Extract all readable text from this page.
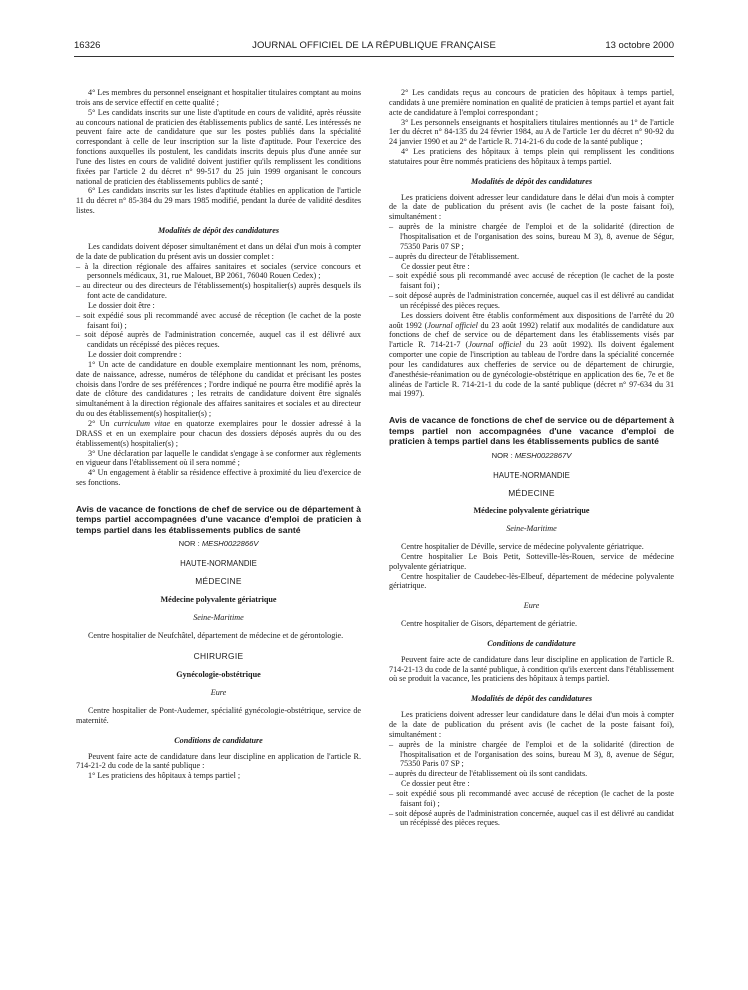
16326	JOURNAL OFFICIEL DE LA RÉPUBLIQUE FRANÇAISE	13 octobre 2000

4° Les membres du personnel enseignant et hospitalier titulaires comptant au moins trois ans de service effectif en cette qualité ;

5° Les candidats inscrits sur une liste d'aptitude en cours de validité, après réussite au concours national de praticien des établissements publics de santé. Les intéressés ne peuvent faire acte de candidature que sur les postes publiés dans la spécialité correspondant à celle de leur inscription sur la liste d'aptitude. Pour l'exercice des fonctions auxquelles ils postulent, les candidats inscrits depuis plus d'une année sur l'une des listes en cours de validité doivent justifier qu'ils remplissent les conditions fixées par l'article 2 du décret n° 99-517 du 25 juin 1999 organisant le concours national de praticien des établissements publics de santé ;

6° Les candidats inscrits sur les listes d'aptitude établies en application de l'article 11 du décret n° 85-384 du 29 mars 1985 modifié, pendant la durée de validité desdites listes.

Modalités de dépôt des candidatures

Les candidats doivent déposer simultanément et dans un délai d'un mois à compter de la date de publication du présent avis un dossier complet :

– à la direction régionale des affaires sanitaires et sociales (service concours et personnels médicaux, 31, rue Malouet, BP 2061, 76040 Rouen Cedex) ;

– au directeur ou des directeurs de l'établissement(s) hospitalier(s) auprès desquels ils font acte de candidature.

Le dossier doit être :

– soit expédié sous pli recommandé avec accusé de réception (le cachet de la poste faisant foi) ;

– soit déposé auprès de l'administration concernée, auquel cas il est délivré aux candidats un récépissé des pièces reçues.

Le dossier doit comprendre :

1° Un acte de candidature en double exemplaire mentionnant les nom, prénoms, date de naissance, adresse, numéros de téléphone du candidat et précisant les postes choisis dans l'ordre de ses préférences ; l'ordre indiqué ne pourra être modifié après la date de clôture des candidatures ; les retraits de candidature doivent être signalés simultanément à la direction régionale des affaires sanitaires et sociales et au directeur du ou des établissement(s) hospitalier(s) ;

2° Un curriculum vitae en quatorze exemplaires pour le dossier adressé à la DRASS et en un exemplaire pour chacun des dossiers déposés auprès du ou des établissement(s) hospitalier(s) ;

3° Une déclaration par laquelle le candidat s'engage à se conformer aux règlements en vigueur dans l'établissement où il sera nommé ;

4° Un engagement à établir sa résidence effective à proximité du lieu d'exercice de ses fonctions.

Avis de vacance de fonctions de chef de service ou de département à temps partiel accompagnées d'une vacance d'emploi de praticien à temps partiel dans les établissements publics de santé

NOR : MESH0022866V

HAUTE-NORMANDIE

MÉDECINE

Médecine polyvalente gériatrique

Seine-Maritime

Centre hospitalier de Neufchâtel, département de médecine et de gérontologie.

CHIRURGIE

Gynécologie-obstétrique

Eure

Centre hospitalier de Pont-Audemer, spécialité gynécologie-obstétrique, service de maternité.

Conditions de candidature

Peuvent faire acte de candidature dans leur discipline en application de l'article R. 714-21-2 du code de la santé publique :

1° Les praticiens des hôpitaux à temps partiel ;

2° Les candidats reçus au concours de praticien des hôpitaux à temps partiel, candidats à une première nomination en qualité de praticien à temps partiel et ayant fait acte de candidature à l'emploi correspondant ;

3° Les personnels enseignants et hospitaliers titulaires mentionnés au 1° de l'article 1er du décret n° 84-135 du 24 février 1984, au A de l'article 1er du décret n° 90-92 du 24 janvier 1990 et au 2° de l'article R. 714-21-6 du code de la santé publique ;

4° Les praticiens des hôpitaux à temps plein qui remplissent les conditions statutaires pour être nommés praticiens des hôpitaux à temps partiel.

Modalités de dépôt des candidatures

Les praticiens doivent adresser leur candidature dans le délai d'un mois à compter de la date de publication du présent avis (le cachet de la poste faisant foi), simultanément :

– auprès de la ministre chargée de l'emploi et de la solidarité (direction de l'hospitalisation et de l'organisation des soins, bureau M 3), 8, avenue de Ségur, 75350 Paris 07 SP ;

– auprès du directeur de l'établissement.

Ce dossier peut être :

– soit expédié sous pli recommandé avec accusé de réception (le cachet de la poste faisant foi) ;

– soit déposé auprès de l'administration concernée, auquel cas il est délivré au candidat un récépissé des pièces reçues.

Les dossiers doivent être établis conformément aux dispositions de l'arrêté du 20 août 1992 (Journal officiel du 23 août 1992) relatif aux modalités de candidature aux fonctions de chef de service ou de département dans les établissements visés par l'article R. 714-21-7 (Journal officiel du 23 août 1992). Ils doivent également comporter une copie de l'inscription au tableau de l'ordre dans la spécialité concernée pour les candidatures aux chefferies de service ou de département de chirurgie, d'anesthésie-réanimation ou de gynécologie-obstétrique en application des 6e, 7e et 8e alinéas de l'article R. 714-21-1 du code de la santé publique (décret n° 97-634 du 31 mai 1997).

Avis de vacance de fonctions de chef de service ou de département à temps partiel non accompagnées d'une vacance d'emploi de praticien à temps partiel dans les établissements publics de santé

NOR : MESH0022867V

HAUTE-NORMANDIE

MÉDECINE

Médecine polyvalente gériatrique

Seine-Maritime

Centre hospitalier de Déville, service de médecine polyvalente gériatrique.

Centre hospitalier Le Bois Petit, Sotteville-lès-Rouen, service de médecine polyvalente gériatrique.

Centre hospitalier de Caudebec-lès-Elbeuf, département de médecine polyvalente gériatrique.

Eure

Centre hospitalier de Gisors, département de gériatrie.

Conditions de candidature

Peuvent faire acte de candidature dans leur discipline en application de l'article R. 714-21-13 du code de la santé publique, à condition qu'ils exercent dans l'établissement où se produit la vacance, les praticiens des hôpitaux à temps partiel.

Modalités de dépôt des candidatures

Les praticiens doivent adresser leur candidature dans le délai d'un mois à compter de la date de publication du présent avis (le cachet de la poste faisant foi), simultanément :

– auprès de la ministre chargée de l'emploi et de la solidarité (direction de l'hospitalisation et de l'organisation des soins, bureau M 3), 8, avenue de Ségur, 75350 Paris 07 SP ;

– auprès du directeur de l'établissement où ils sont candidats.

Ce dossier peut être :

– soit expédié sous pli recommandé avec accusé de réception (le cachet de la poste faisant foi) ;

– soit déposé auprès de l'administration concernée, auquel cas il est délivré au candidat un récépissé des pièces reçues.
